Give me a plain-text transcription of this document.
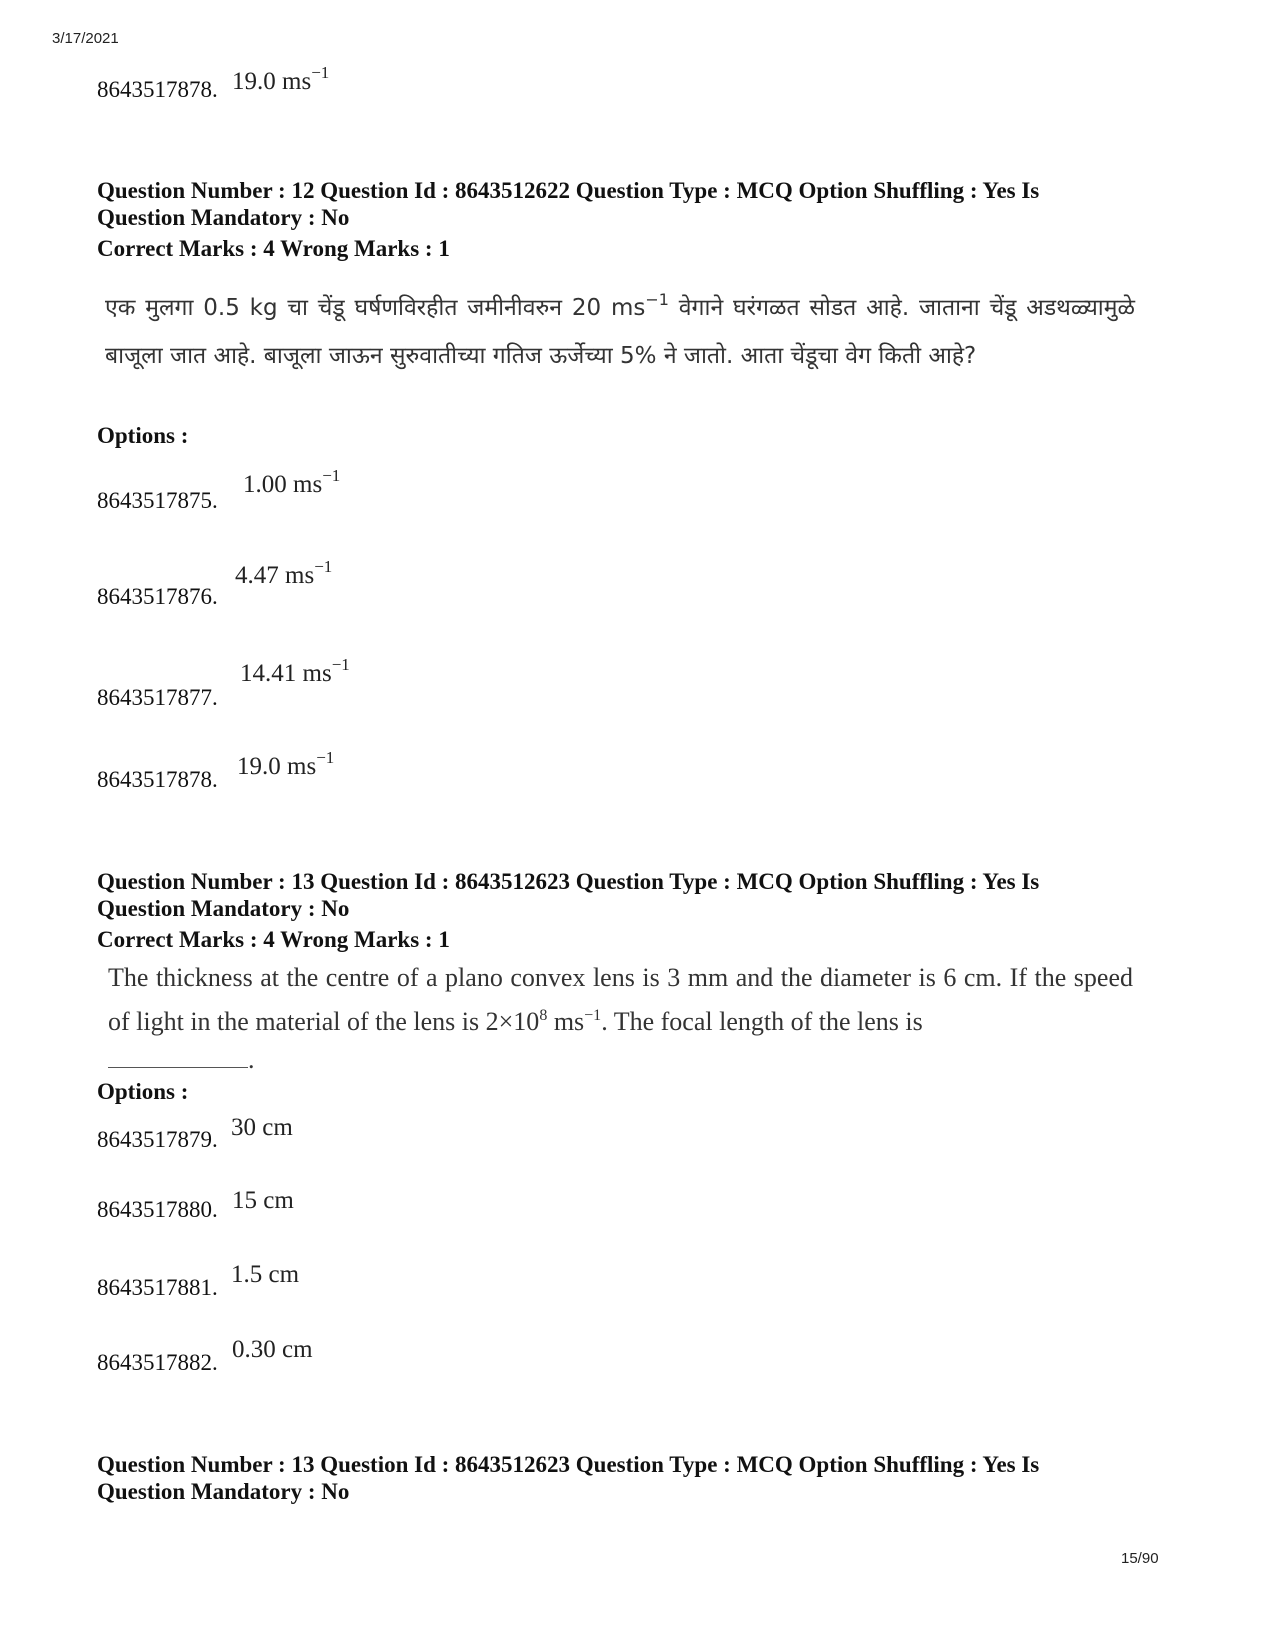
3/17/2021
8643517878. 19.0 $ms^{-1}$
Question Number : 12 Question Id : 8643512622 Question Type : MCQ Option Shuffling : Yes Is
Question Mandatory : No
Correct Marks : 4 Wrong Marks : 1
एक मुलगा 0.5 kg चा चेंडू घर्षणविरहीत जमीनीवरुन 20 $ms^{-1}$ वेगाने घरंगळत सोडत आहे. जाताना चेंडू अडथळ्यामुळे बाजूला जात आहे. बाजूला जाऊन सुरुवातीच्या गतिज ऊर्जेच्या 5% ने जातो. आता चेंडूचा वेग किती आहे?
Options :
8643517875.
1.00 $ms^{-1}$
8643517876.
4.47 $ms^{-1}$
8643517877.
14.41 $ms^{-1}$
8643517878. 19.0 $ms^{-1}$
Question Number : 13 Question Id : 8643512623 Question Type : MCQ Option Shuffling : Yes Is
Question Mandatory : No
Correct Marks : 4 Wrong Marks : 1
The thickness at the centre of a plano convex lens is 3 mm and the diameter is 6 cm. If the speed of light in the material of the lens is $2\times 10^8$ $ms^{-1}$. The focal length of the lens is
.
Options :
8643517879. 30 cm
8643517880. 15 cm
8643517881. 1.5 cm
8643517882. 0.30 cm
Question Number : 13 Question Id : 8643512623 Question Type : MCQ Option Shuffling : Yes Is
Question Mandatory : No
15/90
